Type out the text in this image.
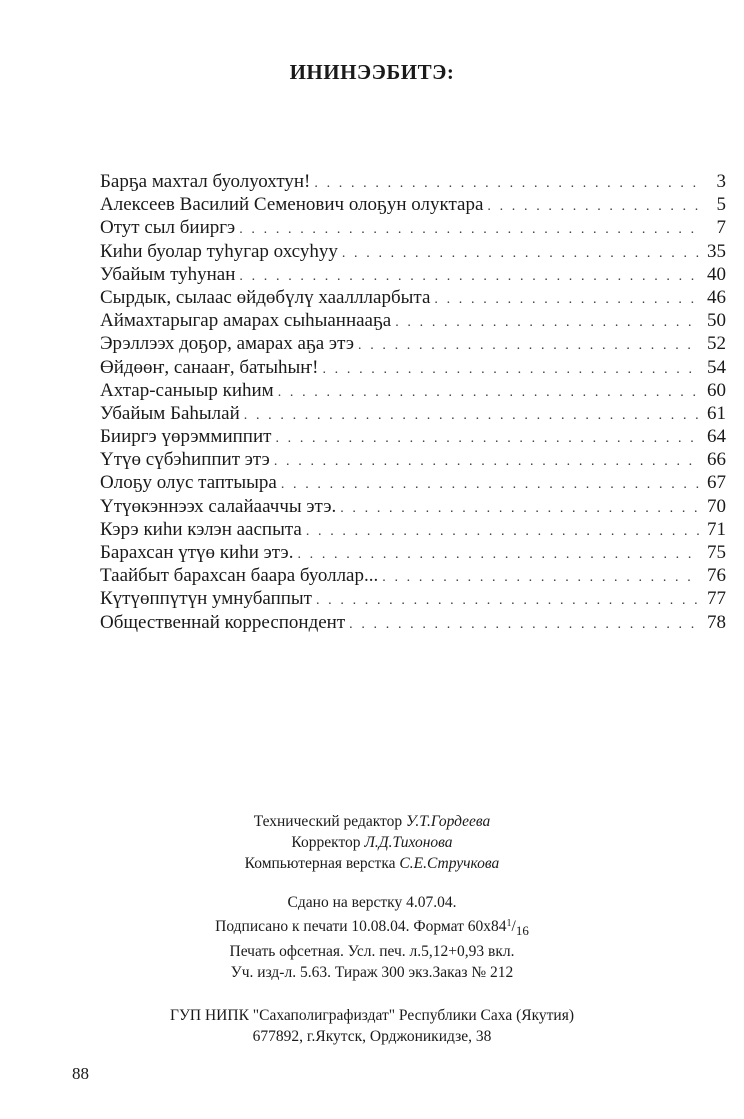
ИНИНЭЭБИТЭ:
Барҕа махтал буолуохтун! . . .	3
Алексеев Василий Семенович олоҕун олуктара . . .	5
Отут сыл бииргэ . . .	7
Киһи буолар туһугар охсуһуу . . .	35
Убайым туһунан . . .	40
Сырдык, сылаас өйдөбүлү хааллларбыта . . .	46
Аймахтарыгар амарах сыһыаннааҕа . . .	50
Эрэллээх доҕор, амарах аҕа этэ . . .	52
Өйдөөҥ, санааҥ, батыһыҥ! . . .	54
Ахтар-саныыр киһим . . .	60
Убайым Баһылай . . .	61
Бииргэ үөрэммиппит . . .	64
Үтүө сүбэһиппит этэ . . .	66
Олоҕу олус таптыыра . . .	67
Үтүөкэннээх салайааччы этэ. . . .	70
Кэрэ киһи кэлэн ааспыта . . .	71
Барахсан үтүө киһи этэ. . . .	75
Таайбыт барахсан баара буоллар... . . .	76
Күтүөппүтүн умнубаппыт . . .	77
Общественнай корреспондент . . .	78
Технический редактор У.Т.Гордеева
Корректор Л.Д.Тихонова
Компьютерная верстка С.Е.Стручкова
Сдано на верстку 4.07.04.
Подписано к печати 10.08.04. Формат $60х84^1/_{16}$
Печать офсетная. Усл. печ. л.5,12+0,93 вкл.
Уч. изд-л. 5.63. Тираж 300 экз.Заказ № 212
ГУП НИПК "Сахаполиграфиздат" Республики Саха (Якутия)
677892, г.Якутск, Орджоникидзе, 38
88
